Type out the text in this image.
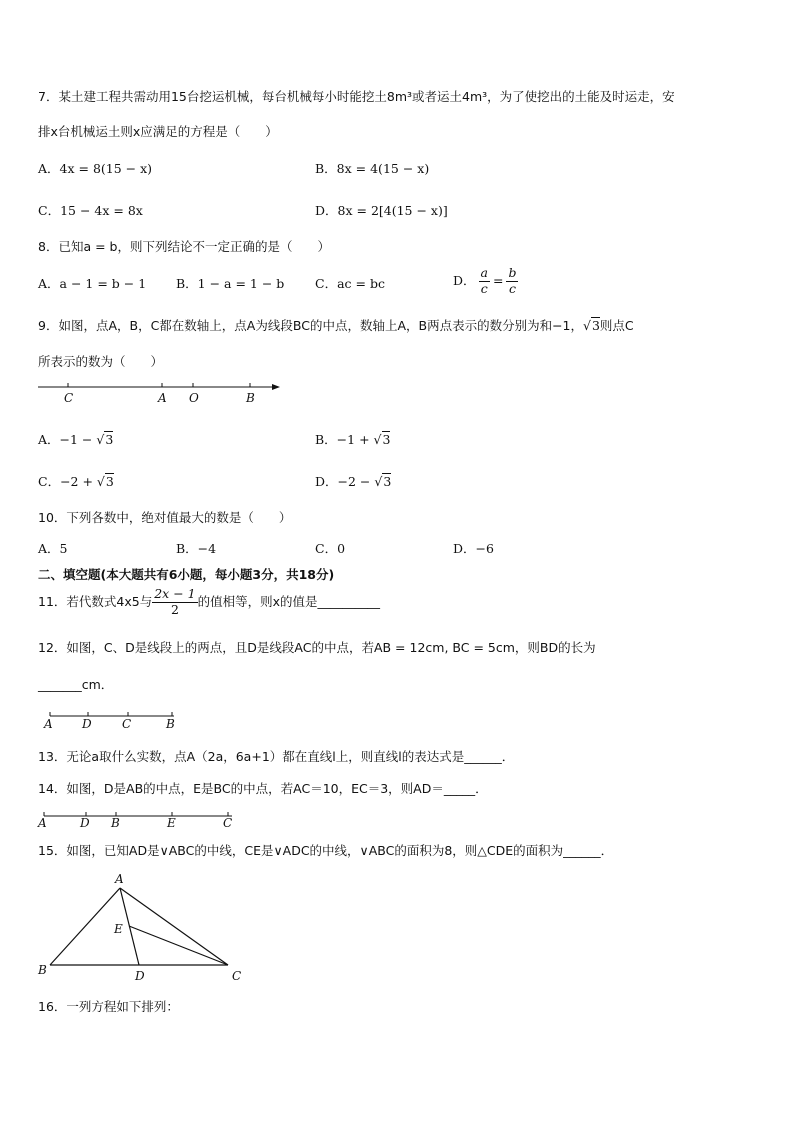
7．某土建工程共需动用15台挖运机械，每台机械每小时能挖土8m³或者运土4m³，为了使挖出的土能及时运走，安
排x台机械运土则x应满足的方程是（　　）
A．4x = 8(15 − x)	B．8x = 4(15 − x)
C．15 − 4x = 8x	D．8x = 2[4(15 − x)]
8．已知a = b，则下列结论不一定正确的是（　　）
A．a − 1 = b − 1 B．1 − a = 1 − b C．ac = bc	D． $\frac{a}{c} = \frac{b}{c}$
9．如图，点A，B，C都在数轴上，点A为线段BC的中点，数轴上A，B两点表示的数分别为和−1，√3则点C
所表示的数为（　　）
C	A O	B
A．−1 − √3	B．−1 + √3
C．−2 + √3	D．−2 − √3
10．下列各数中，绝对值最大的数是（　　）
A．5	B．−4	C．0	D．−6
二、填空题(本大题共有6小题，每小题3分，共18分)
11．若代数式4x5与 $\frac{2x - 1}{2}$ 的值相等，则x的值是__________
12．如图，C、D是线段上的两点，且D是线段AC的中点，若AB = 12cm, BC = 5cm，则BD的长为
_______cm．
A D	C	B
13．无论a取什么实数，点A（2a，6a+1）都在直线l上，则直线l的表达式是______．
14．如图，D是AB的中点，E是BC的中点，若AC＝10，EC＝3，则AD＝_____．
A	D B	E	C
15．如图，已知AD是∨ABC的中线，CE是∨ADC的中线，∨ABC的面积为8，则△CDE的面积为______．
A
E
B	D	C
16．一列方程如下排列：
